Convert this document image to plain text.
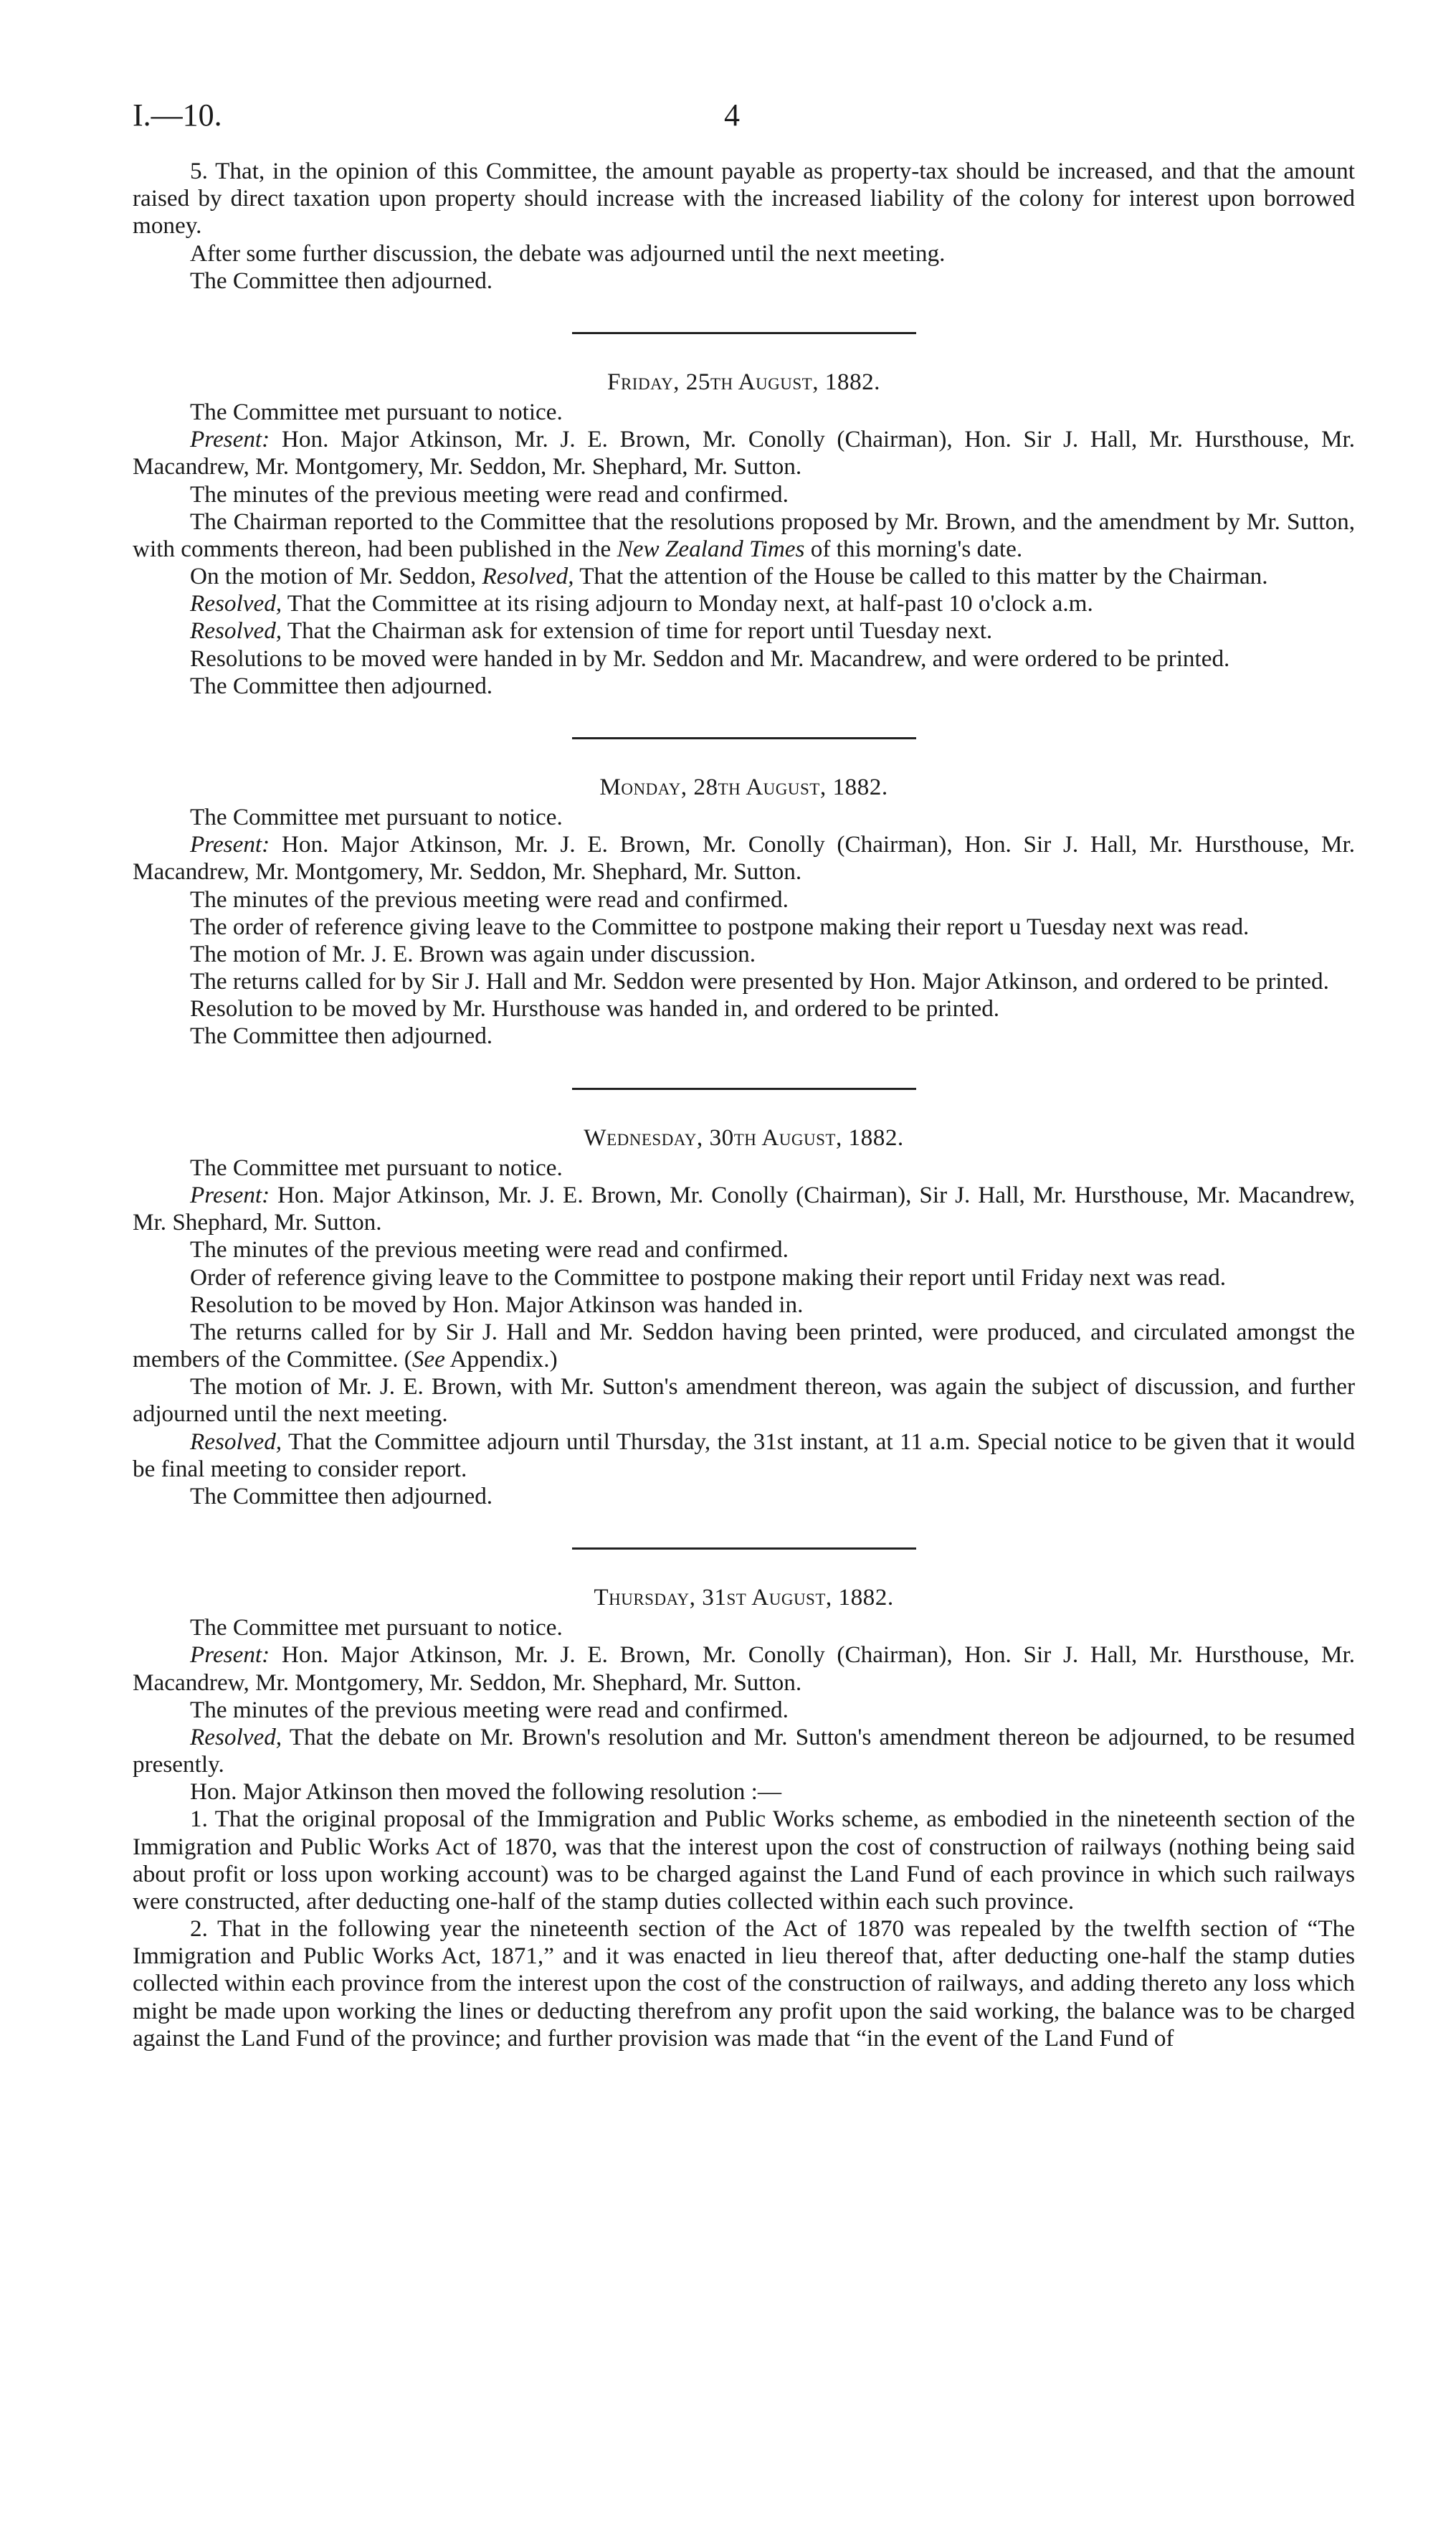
I.—10.	4

5. That, in the opinion of this Committee, the amount payable as property-tax should be increased, and that the amount raised by direct taxation upon property should increase with the increased liability of the colony for interest upon borrowed money.

After some further discussion, the debate was adjourned until the next meeting.

The Committee then adjourned.

Friday, 25th August, 1882.

The Committee met pursuant to notice.

Present: Hon. Major Atkinson, Mr. J. E. Brown, Mr. Conolly (Chairman), Hon. Sir J. Hall, Mr. Hursthouse, Mr. Macandrew, Mr. Montgomery, Mr. Seddon, Mr. Shephard, Mr. Sutton.

The minutes of the previous meeting were read and confirmed.

The Chairman reported to the Committee that the resolutions proposed by Mr. Brown, and the amendment by Mr. Sutton, with comments thereon, had been published in the New Zealand Times of this morning's date.

On the motion of Mr. Seddon, Resolved, That the attention of the House be called to this matter by the Chairman.

Resolved, That the Committee at its rising adjourn to Monday next, at half-past 10 o'clock a.m.

Resolved, That the Chairman ask for extension of time for report until Tuesday next.

Resolutions to be moved were handed in by Mr. Seddon and Mr. Macandrew, and were ordered to be printed.

The Committee then adjourned.

Monday, 28th August, 1882.

The Committee met pursuant to notice.

Present: Hon. Major Atkinson, Mr. J. E. Brown, Mr. Conolly (Chairman), Hon. Sir J. Hall, Mr. Hursthouse, Mr. Macandrew, Mr. Montgomery, Mr. Seddon, Mr. Shephard, Mr. Sutton.

The minutes of the previous meeting were read and confirmed.

The order of reference giving leave to the Committee to postpone making their report u Tuesday next was read.

The motion of Mr. J. E. Brown was again under discussion.

The returns called for by Sir J. Hall and Mr. Seddon were presented by Hon. Major Atkinson, and ordered to be printed.

Resolution to be moved by Mr. Hursthouse was handed in, and ordered to be printed.

The Committee then adjourned.

Wednesday, 30th August, 1882.

The Committee met pursuant to notice.

Present: Hon. Major Atkinson, Mr. J. E. Brown, Mr. Conolly (Chairman), Sir J. Hall, Mr. Hursthouse, Mr. Macandrew, Mr. Shephard, Mr. Sutton.

The minutes of the previous meeting were read and confirmed.

Order of reference giving leave to the Committee to postpone making their report until Friday next was read.

Resolution to be moved by Hon. Major Atkinson was handed in.

The returns called for by Sir J. Hall and Mr. Seddon having been printed, were produced, and circulated amongst the members of the Committee. (See Appendix.)

The motion of Mr. J. E. Brown, with Mr. Sutton's amendment thereon, was again the subject of discussion, and further adjourned until the next meeting.

Resolved, That the Committee adjourn until Thursday, the 31st instant, at 11 a.m. Special notice to be given that it would be final meeting to consider report.

The Committee then adjourned.

Thursday, 31st August, 1882.

The Committee met pursuant to notice.

Present: Hon. Major Atkinson, Mr. J. E. Brown, Mr. Conolly (Chairman), Hon. Sir J. Hall, Mr. Hursthouse, Mr. Macandrew, Mr. Montgomery, Mr. Seddon, Mr. Shephard, Mr. Sutton.

The minutes of the previous meeting were read and confirmed.

Resolved, That the debate on Mr. Brown's resolution and Mr. Sutton's amendment thereon be adjourned, to be resumed presently.

Hon. Major Atkinson then moved the following resolution :—

1. That the original proposal of the Immigration and Public Works scheme, as embodied in the nineteenth section of the Immigration and Public Works Act of 1870, was that the interest upon the cost of construction of railways (nothing being said about profit or loss upon working account) was to be charged against the Land Fund of each province in which such railways were constructed, after deducting one-half of the stamp duties collected within each such province.

2. That in the following year the nineteenth section of the Act of 1870 was repealed by the twelfth section of “The Immigration and Public Works Act, 1871,” and it was enacted in lieu thereof that, after deducting one-half the stamp duties collected within each province from the interest upon the cost of the construction of railways, and adding thereto any loss which might be made upon working the lines or deducting therefrom any profit upon the said working, the balance was to be charged against the Land Fund of the province; and further provision was made that “in the event of the Land Fund of
